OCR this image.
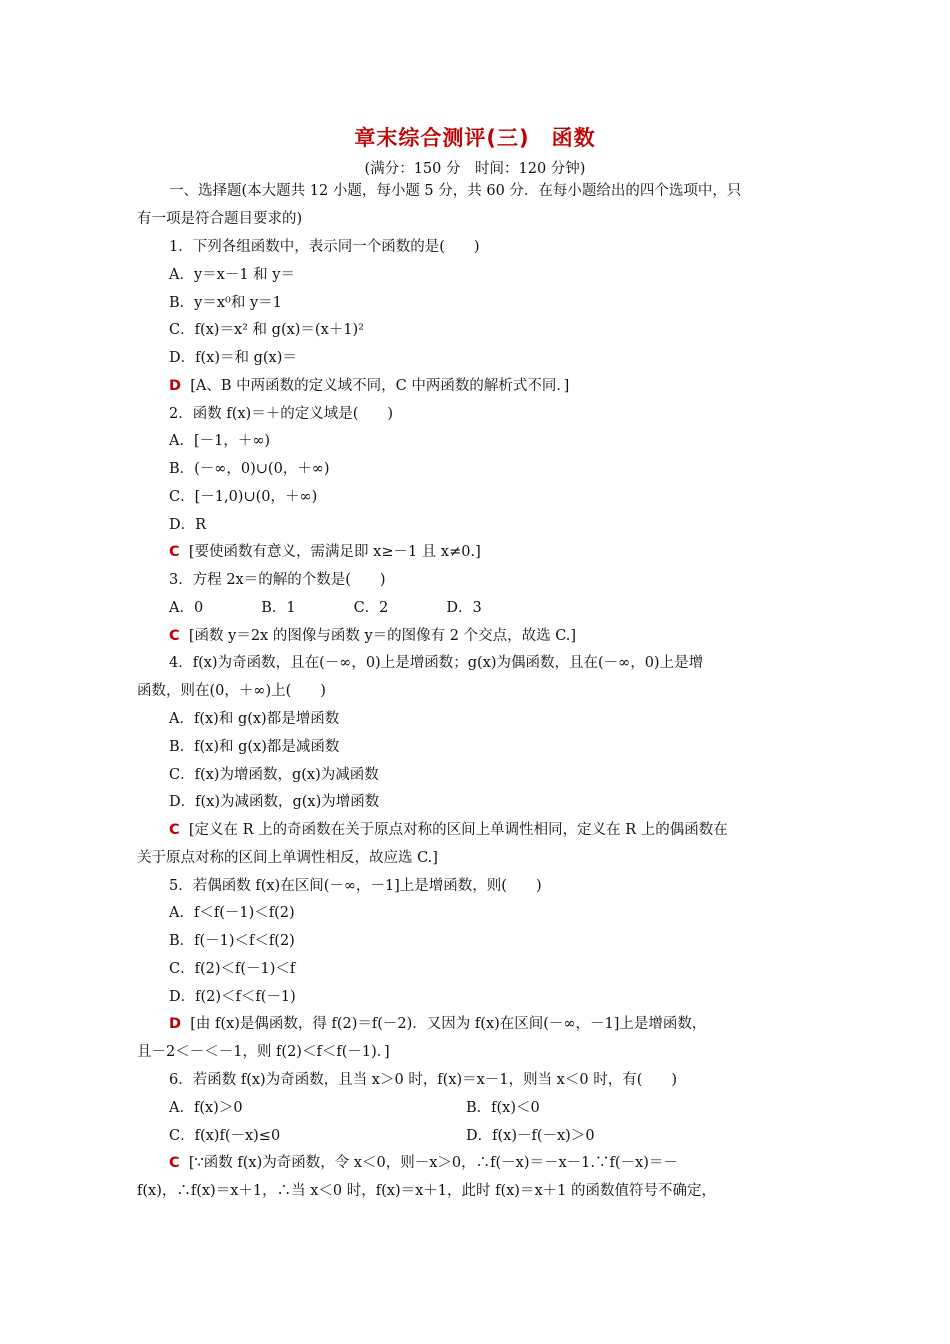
章末综合测评(三)　函数
(满分：150 分　时间：120 分钟)
一、选择题(本大题共 12 小题，每小题 5 分，共 60 分．在每小题给出的四个选项中，只
有一项是符合题目要求的)
1．下列各组函数中，表示同一个函数的是(　　)
A．y＝x－1 和 y＝
B．y＝x⁰和 y＝1
C．f(x)＝x² 和 g(x)＝(x＋1)²
D．f(x)＝和 g(x)＝
D [A、B 中两函数的定义域不同，C 中两函数的解析式不同．]
2．函数 f(x)＝＋的定义域是(　　)
A．[－1，＋∞)
B．(－∞，0)∪(0，＋∞)
C．[－1,0)∪(0，＋∞)
D．R
C [要使函数有意义，需满足即 x≥－1 且 x≠0.]
3．方程 2x＝的解的个数是(　　)
A．0　　　　B．1　　　　C．2　　　　D．3
C [函数 y＝2x 的图像与函数 y＝的图像有 2 个交点，故选 C.]
4．f(x)为奇函数，且在(－∞，0)上是增函数；g(x)为偶函数，且在(－∞，0)上是增
函数，则在(0，＋∞)上(　　)
A．f(x)和 g(x)都是增函数
B．f(x)和 g(x)都是减函数
C．f(x)为增函数，g(x)为减函数
D．f(x)为减函数，g(x)为增函数
C [定义在 R 上的奇函数在关于原点对称的区间上单调性相同，定义在 R 上的偶函数在
关于原点对称的区间上单调性相反，故应选 C.]
5．若偶函数 f(x)在区间(－∞，－1]上是增函数，则(　　)
A．f＜f(－1)＜f(2)
B．f(－1)＜f＜f(2)
C．f(2)＜f(－1)＜f
D．f(2)＜f＜f(－1)
D [由 f(x)是偶函数，得 f(2)＝f(－2)．又因为 f(x)在区间(－∞，－1]上是增函数，
且－2＜－＜－1，则 f(2)＜f＜f(－1)．]
6．若函数 f(x)为奇函数，且当 x＞0 时，f(x)＝x－1，则当 x＜0 时，有(　　)
A．f(x)＞0	B．f(x)＜0
C．f(x)f(－x)≤0	D．f(x)－f(－x)＞0
C [∵函数 f(x)为奇函数，令 x＜0，则－x＞0，∴f(－x)＝－x－1.∵f(－x)＝－
f(x)，∴f(x)＝x＋1，∴当 x＜0 时，f(x)＝x＋1，此时 f(x)＝x＋1 的函数值符号不确定，
